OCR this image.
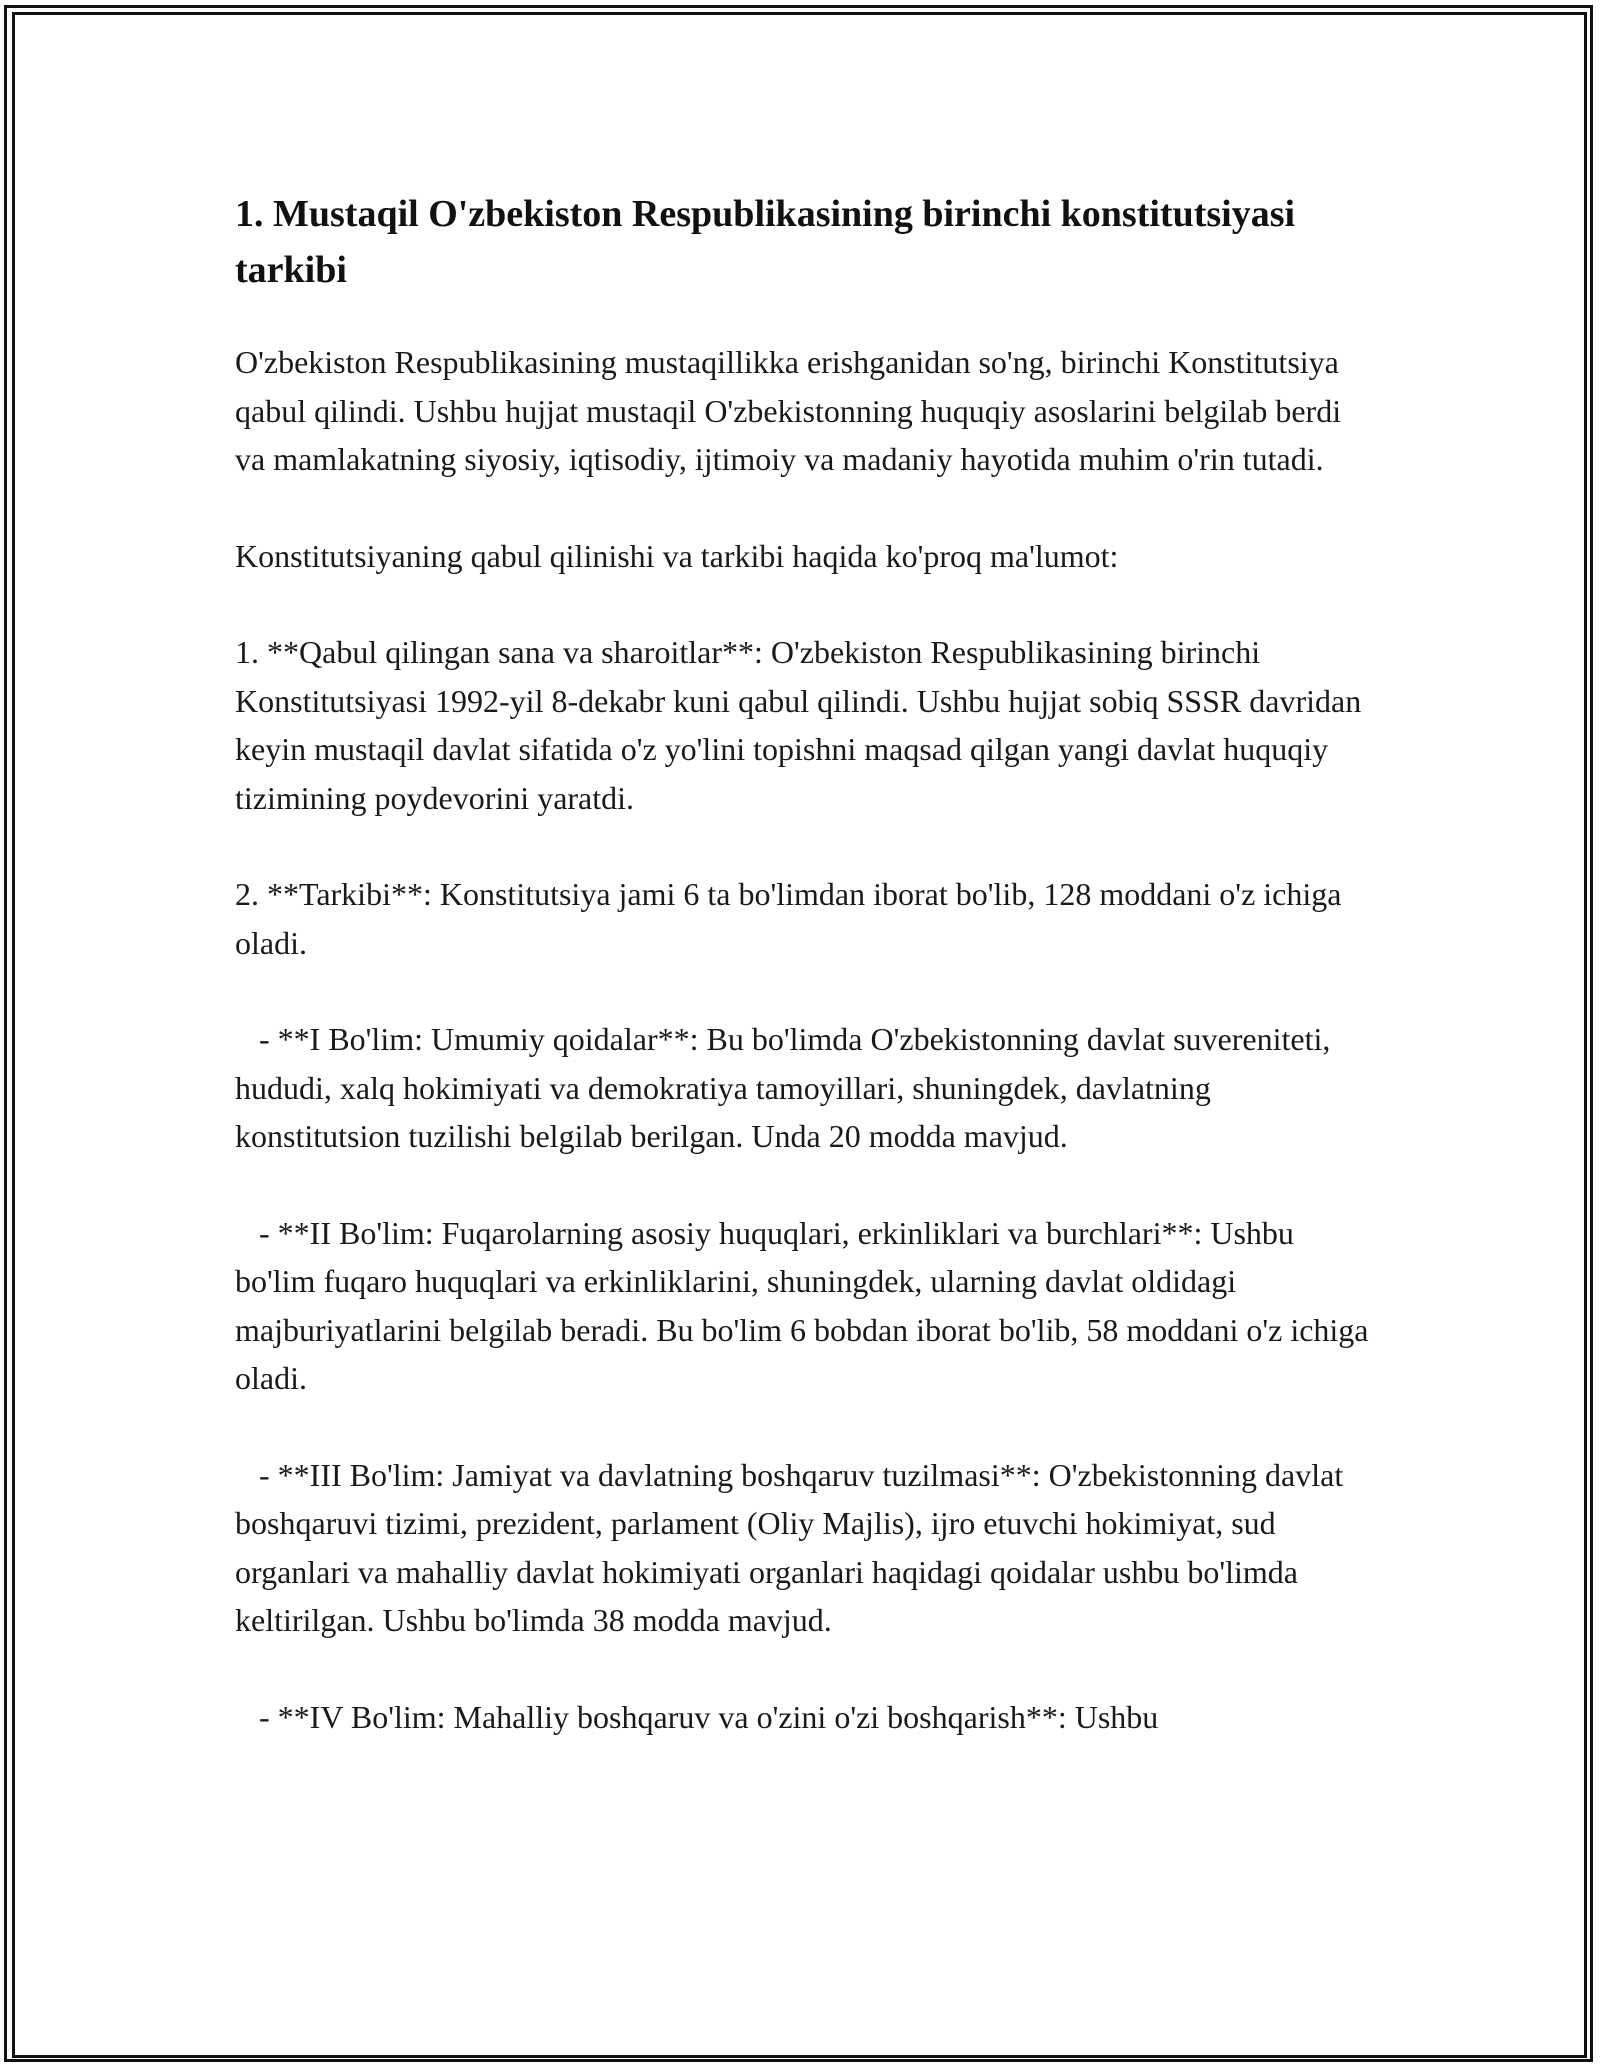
1. Mustaqil O'zbekiston Respublikasining birinchi konstitutsiyasi tarkibi

O'zbekiston Respublikasining mustaqillikka erishganidan so'ng, birinchi Konstitutsiya qabul qilindi. Ushbu hujjat mustaqil O'zbekistonning huquqiy asoslarini belgilab berdi va mamlakatning siyosiy, iqtisodiy, ijtimoiy va madaniy hayotida muhim o'rin tutadi.

Konstitutsiyaning qabul qilinishi va tarkibi haqida ko'proq ma'lumot:

1. **Qabul qilingan sana va sharoitlar**: O'zbekiston Respublikasining birinchi Konstitutsiyasi 1992-yil 8-dekabr kuni qabul qilindi. Ushbu hujjat sobiq SSSR davridan keyin mustaqil davlat sifatida o'z yo'lini topishni maqsad qilgan yangi davlat huquqiy tizimining poydevorini yaratdi.

2. **Tarkibi**: Konstitutsiya jami 6 ta bo'limdan iborat bo'lib, 128 moddani o'z ichiga oladi.

- **I Bo'lim: Umumiy qoidalar**: Bu bo'limda O'zbekistonning davlat suvereniteti, hududi, xalq hokimiyati va demokratiya tamoyillari, shuningdek, davlatning konstitutsion tuzilishi belgilab berilgan. Unda 20 modda mavjud.

- **II Bo'lim: Fuqarolarning asosiy huquqlari, erkinliklari va burchlari**: Ushbu bo'lim fuqaro huquqlari va erkinliklarini, shuningdek, ularning davlat oldidagi majburiyatlarini belgilab beradi. Bu bo'lim 6 bobdan iborat bo'lib, 58 moddani o'z ichiga oladi.

- **III Bo'lim: Jamiyat va davlatning boshqaruv tuzilmasi**: O'zbekistonning davlat boshqaruvi tizimi, prezident, parlament (Oliy Majlis), ijro etuvchi hokimiyat, sud organlari va mahalliy davlat hokimiyati organlari haqidagi qoidalar ushbu bo'limda keltirilgan. Ushbu bo'limda 38 modda mavjud.

- **IV Bo'lim: Mahalliy boshqaruv va o'zini o'zi boshqarish**: Ushbu
